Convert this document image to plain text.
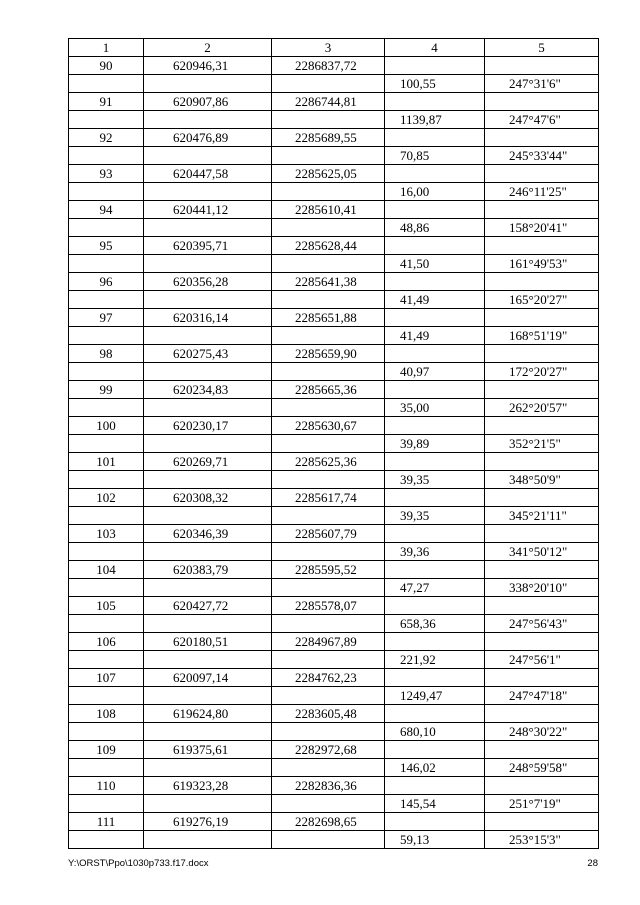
1	2	3	4	5
90	620946,31	2286837,72		
			100,55	247°31'6"
91	620907,86	2286744,81		
			1139,87	247°47'6"
92	620476,89	2285689,55		
			70,85	245°33'44"
93	620447,58	2285625,05		
			16,00	246°11'25"
94	620441,12	2285610,41		
			48,86	158°20'41"
95	620395,71	2285628,44		
			41,50	161°49'53"
96	620356,28	2285641,38		
			41,49	165°20'27"
97	620316,14	2285651,88		
			41,49	168°51'19"
98	620275,43	2285659,90		
			40,97	172°20'27"
99	620234,83	2285665,36		
			35,00	262°20'57"
100	620230,17	2285630,67		
			39,89	352°21'5"
101	620269,71	2285625,36		
			39,35	348°50'9"
102	620308,32	2285617,74		
			39,35	345°21'11"
103	620346,39	2285607,79		
			39,36	341°50'12"
104	620383,79	2285595,52		
			47,27	338°20'10"
105	620427,72	2285578,07		
			658,36	247°56'43"
106	620180,51	2284967,89		
			221,92	247°56'1"
107	620097,14	2284762,23		
			1249,47	247°47'18"
108	619624,80	2283605,48		
			680,10	248°30'22"
109	619375,61	2282972,68		
			146,02	248°59'58"
110	619323,28	2282836,36		
			145,54	251°7'19"
111	619276,19	2282698,65		
			59,13	253°15'3"
Y:\ORST\Ppo\1030p733.f17.docx	28
